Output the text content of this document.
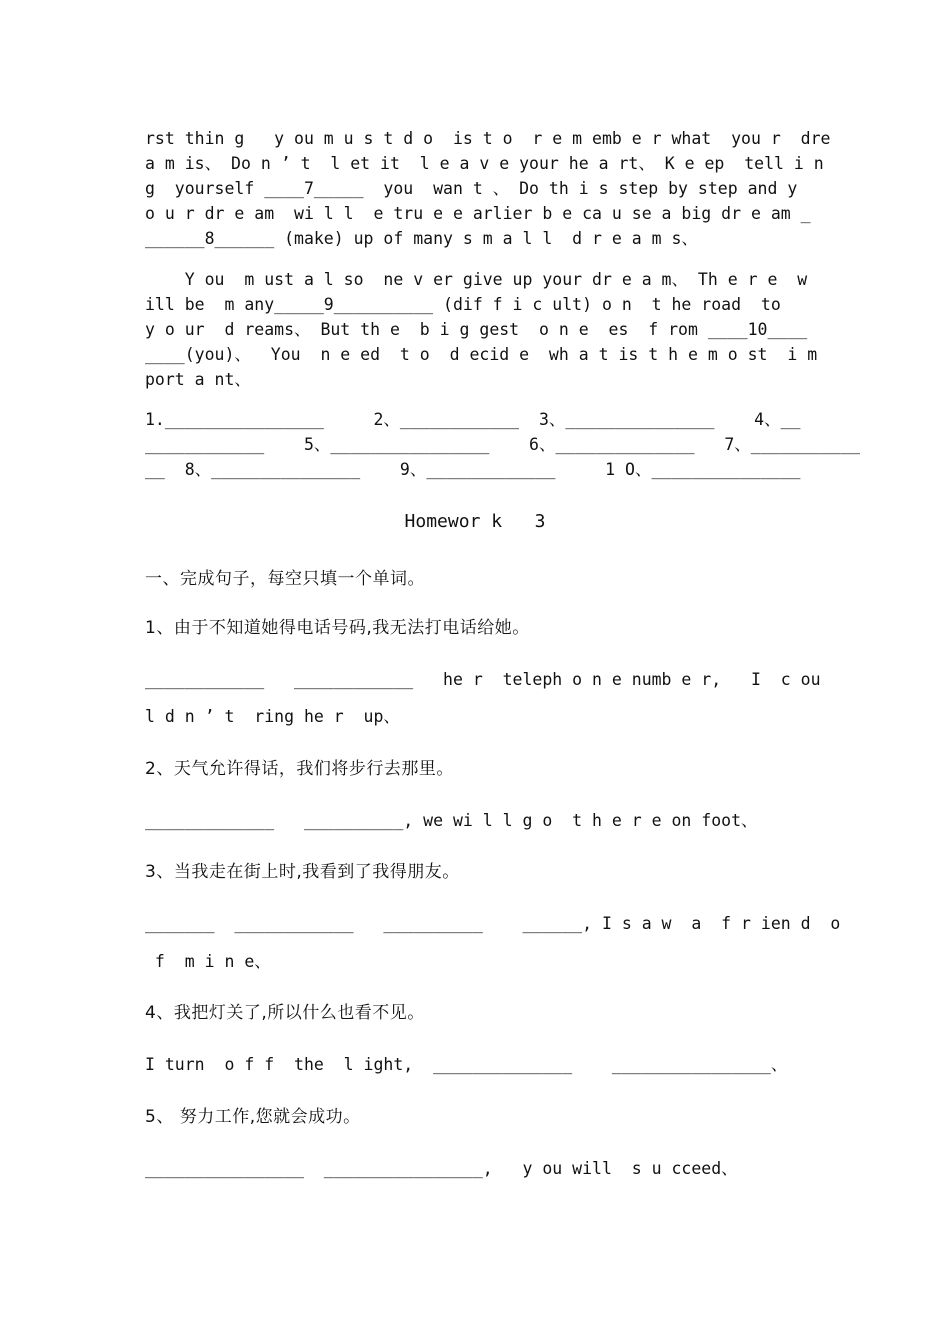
rst thin g   y ou m u s t d o  is t o  r e m emb e r what  you r  dre
a m is、 Do n ’ t  l et it  l e a v e your he a rt、 K e ep  tell i n
g  yourself ____7_____  you  wan t 、 Do th i s step by step and y
o u r dr e am  wi l l  e tru e e arlier b e ca u se a big dr e am _
______8______ (make) up of many s m a l l  d r e a m s、
Y ou  m ust a l so  ne v er give up your dr e a m、 Th e r e  w
ill be  m any_____9__________ (dif f i c ult) o n  t he road  to
y o ur  d reams、 But th e  b i g gest  o n e  es  f rom ____10____
____(you)、  You  n e ed  t o  d ecid e  wh a t is t h e m o st  i m
port a nt、
1.________________     2、____________  3、_______________    4、__
____________    5、________________    6、______________   7、___________
__  8、_______________    9、_____________     1 O、_______________
Homewor k   3
一、完成句子，每空只填一个单词。
1、由于不知道她得电话号码,我无法打电话给她。
____________   ____________   he r  teleph o n e numb e r,   I  c ou
l d n ’ t  ring he r  up、
2、天气允许得话，我们将步行去那里。
_____________   __________, we wi l l g o  t h e r e on foot、
3、当我走在街上时,我看到了我得朋友。
_______  ____________   __________    ______, I s a w  a  f r ien d  o
f  m i n e、
4、我把灯关了,所以什么也看不见。
I turn  o f f  the  l ight,  ______________    ________________、
5、 努力工作,您就会成功。
________________  ________________,   y ou will  s u cceed、
